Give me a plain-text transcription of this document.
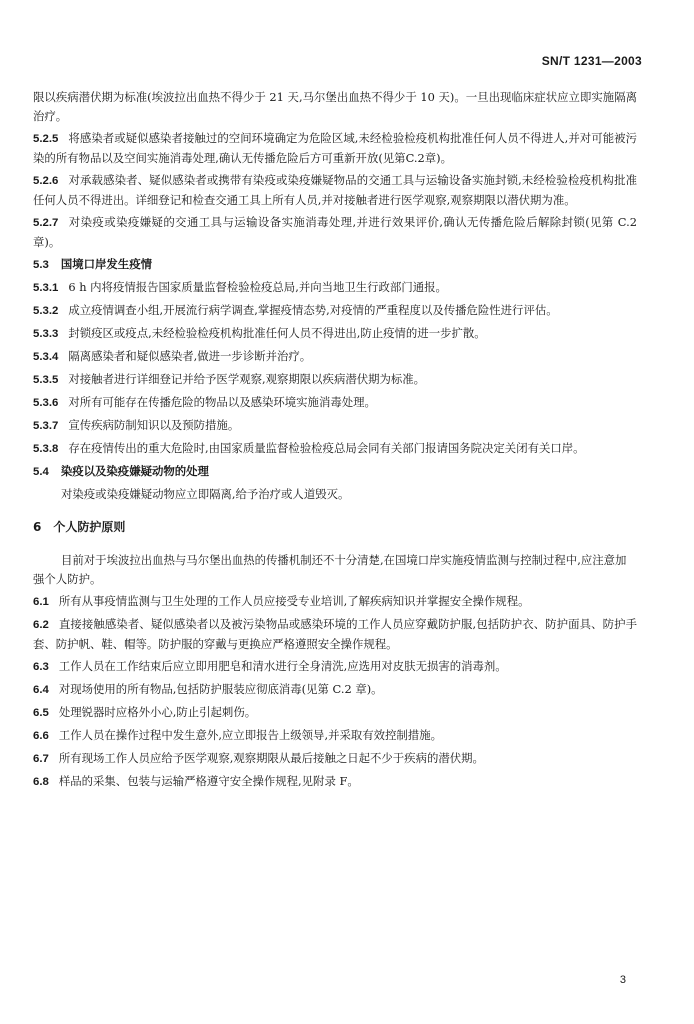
SN/T 1231—2003

限以疾病潜伏期为标准(埃波拉出血热不得少于 21 天,马尔堡出血热不得少于 10 天)。一旦出现临床症状应立即实施隔离治疗。

5.2.5 将感染者或疑似感染者接触过的空间环境确定为危险区域,未经检验检疫机构批准任何人员不得进人,并对可能被污染的所有物品以及空间实施消毒处理,确认无传播危险后方可重新开放(见第C.2章)。

5.2.6 对承载感染者、疑似感染者或携带有染疫或染疫嫌疑物品的交通工具与运输设备实施封锁,未经检验检疫机构批准任何人员不得进出。详细登记和检查交通工具上所有人员,并对接触者进行医学观察,观察期限以潜伏期为准。

5.2.7 对染疫或染疫嫌疑的交通工具与运输设备实施消毒处理,并进行效果评价,确认无传播危险后解除封锁(见第 C.2 章)。

5.3 国境口岸发生疫情

5.3.1 6 h 内将疫情报告国家质量监督检验检疫总局,并向当地卫生行政部门通报。

5.3.2 成立疫情调查小组,开展流行病学调查,掌握疫情态势,对疫情的严重程度以及传播危险性进行评估。

5.3.3 封锁疫区或疫点,未经检验检疫机构批准任何人员不得进出,防止疫情的进一步扩散。

5.3.4 隔离感染者和疑似感染者,做进一步诊断并治疗。

5.3.5 对接触者进行详细登记并给予医学观察,观察期限以疾病潜伏期为标准。

5.3.6 对所有可能存在传播危险的物品以及感染环境实施消毒处理。

5.3.7 宣传疾病防制知识以及预防措施。

5.3.8 存在疫情传出的重大危险时,由国家质量监督检验检疫总局会同有关部门报请国务院决定关闭有关口岸。

5.4 染疫以及染疫嫌疑动物的处理

对染疫或染疫嫌疑动物应立即隔离,给予治疗或人道毁灭。

6 个人防护原则

目前对于埃波拉出血热与马尔堡出血热的传播机制还不十分清楚,在国境口岸实施疫情监测与控制过程中,应注意加强个人防护。

6.1 所有从事疫情监测与卫生处理的工作人员应接受专业培训,了解疾病知识并掌握安全操作规程。

6.2 直接接触感染者、疑似感染者以及被污染物品或感染环境的工作人员应穿戴防护服,包括防护衣、防护面具、防护手套、防护帆、鞋、帽等。防护服的穿戴与更换应严格遵照安全操作规程。

6.3 工作人员在工作结束后应立即用肥皂和清水进行全身清洗,应选用对皮肤无损害的消毒剂。

6.4 对现场使用的所有物品,包括防护服装应彻底消毒(见第 C.2 章)。

6.5 处理锐器时应格外小心,防止引起刺伤。

6.6 工作人员在操作过程中发生意外,应立即报告上级领导,并采取有效控制措施。

6.7 所有现场工作人员应给予医学观察,观察期限从最后接触之日起不少于疾病的潜伏期。

6.8 样品的采集、包装与运输严格遵守安全操作规程,见附录 F。

3
